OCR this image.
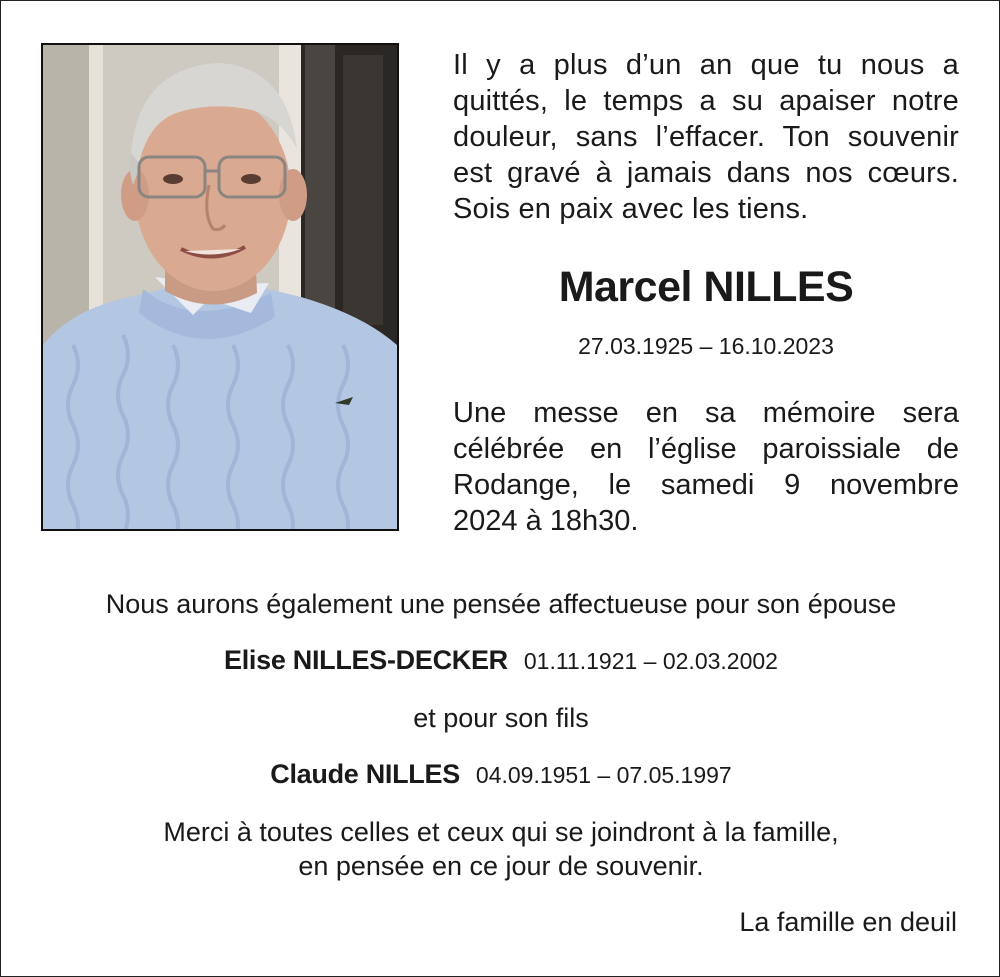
Il y a plus d’un an que tu nous a
quittés, le temps a su apaiser notre
douleur, sans l’effacer. Ton souvenir
est gravé à jamais dans nos cœurs.
Sois en paix avec les tiens.
Marcel NILLES
27.03.1925 – 16.10.2023
Une messe en sa mémoire sera
célébrée en l’église paroissiale de
Rodange, le samedi 9 novembre
2024 à 18h30.
Nous aurons également une pensée affectueuse pour son épouse
Elise NILLES-DECKER 01.11.1921 – 02.03.2002
et pour son fils
Claude NILLES 04.09.1951 – 07.05.1997
Merci à toutes celles et ceux qui se joindront à la famille,
en pensée en ce jour de souvenir.
La famille en deuil
